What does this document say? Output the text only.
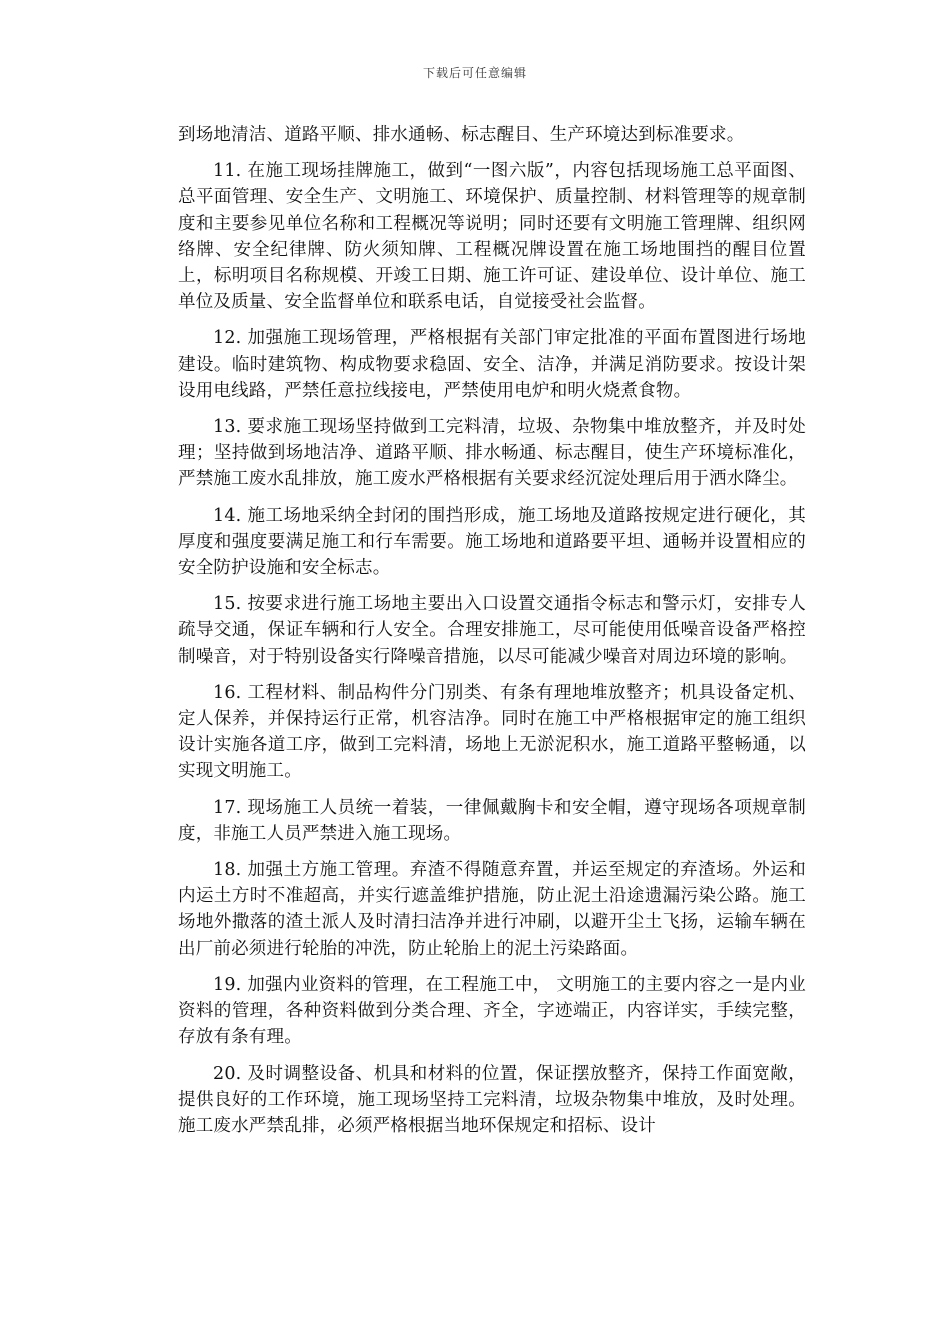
下载后可任意编辑

到场地清洁、道路平顺、排水通畅、标志醒目、生产环境达到标准要求。

11. 在施工现场挂牌施工，做到“一图六版”，内容包括现场施工总平面图、总平面管理、安全生产、文明施工、环境保护、质量控制、材料管理等的规章制度和主要参见单位名称和工程概况等说明；同时还要有文明施工管理牌、组织网络牌、安全纪律牌、防火须知牌、工程概况牌设置在施工场地围挡的醒目位置上，标明项目名称规模、开竣工日期、施工许可证、建设单位、设计单位、施工单位及质量、安全监督单位和联系电话，自觉接受社会监督。

12. 加强施工现场管理，严格根据有关部门审定批准的平面布置图进行场地建设。临时建筑物、构成物要求稳固、安全、洁净，并满足消防要求。按设计架设用电线路，严禁任意拉线接电，严禁使用电炉和明火烧煮食物。

13. 要求施工现场坚持做到工完料清，垃圾、杂物集中堆放整齐，并及时处理；坚持做到场地洁净、道路平顺、排水畅通、标志醒目，使生产环境标准化，严禁施工废水乱排放，施工废水严格根据有关要求经沉淀处理后用于洒水降尘。

14. 施工场地采纳全封闭的围挡形成，施工场地及道路按规定进行硬化，其厚度和强度要满足施工和行车需要。施工场地和道路要平坦、通畅并设置相应的安全防护设施和安全标志。

15. 按要求进行施工场地主要出入口设置交通指令标志和警示灯，安排专人疏导交通，保证车辆和行人安全。合理安排施工，尽可能使用低噪音设备严格控制噪音，对于特别设备实行降噪音措施，以尽可能减少噪音对周边环境的影响。

16. 工程材料、制品构件分门别类、有条有理地堆放整齐；机具设备定机、定人保养，并保持运行正常，机容洁净。同时在施工中严格根据审定的施工组织设计实施各道工序，做到工完料清，场地上无淤泥积水，施工道路平整畅通，以实现文明施工。

17. 现场施工人员统一着装，一律佩戴胸卡和安全帽，遵守现场各项规章制度，非施工人员严禁进入施工现场。

18. 加强土方施工管理。弃渣不得随意弃置，并运至规定的弃渣场。外运和内运土方时不准超高，并实行遮盖维护措施，防止泥土沿途遗漏污染公路。施工场地外撒落的渣土派人及时清扫洁净并进行冲刷，以避开尘土飞扬，运输车辆在出厂前必须进行轮胎的冲洗，防止轮胎上的泥土污染路面。

19. 加强内业资料的管理，在工程施工中， 文明施工的主要内容之一是内业资料的管理，各种资料做到分类合理、齐全，字迹端正，内容详实，手续完整，存放有条有理。

20. 及时调整设备、机具和材料的位置，保证摆放整齐，保持工作面宽敞，提供良好的工作环境，施工现场坚持工完料清，垃圾杂物集中堆放，及时处理。施工废水严禁乱排，必须严格根据当地环保规定和招标、设计
